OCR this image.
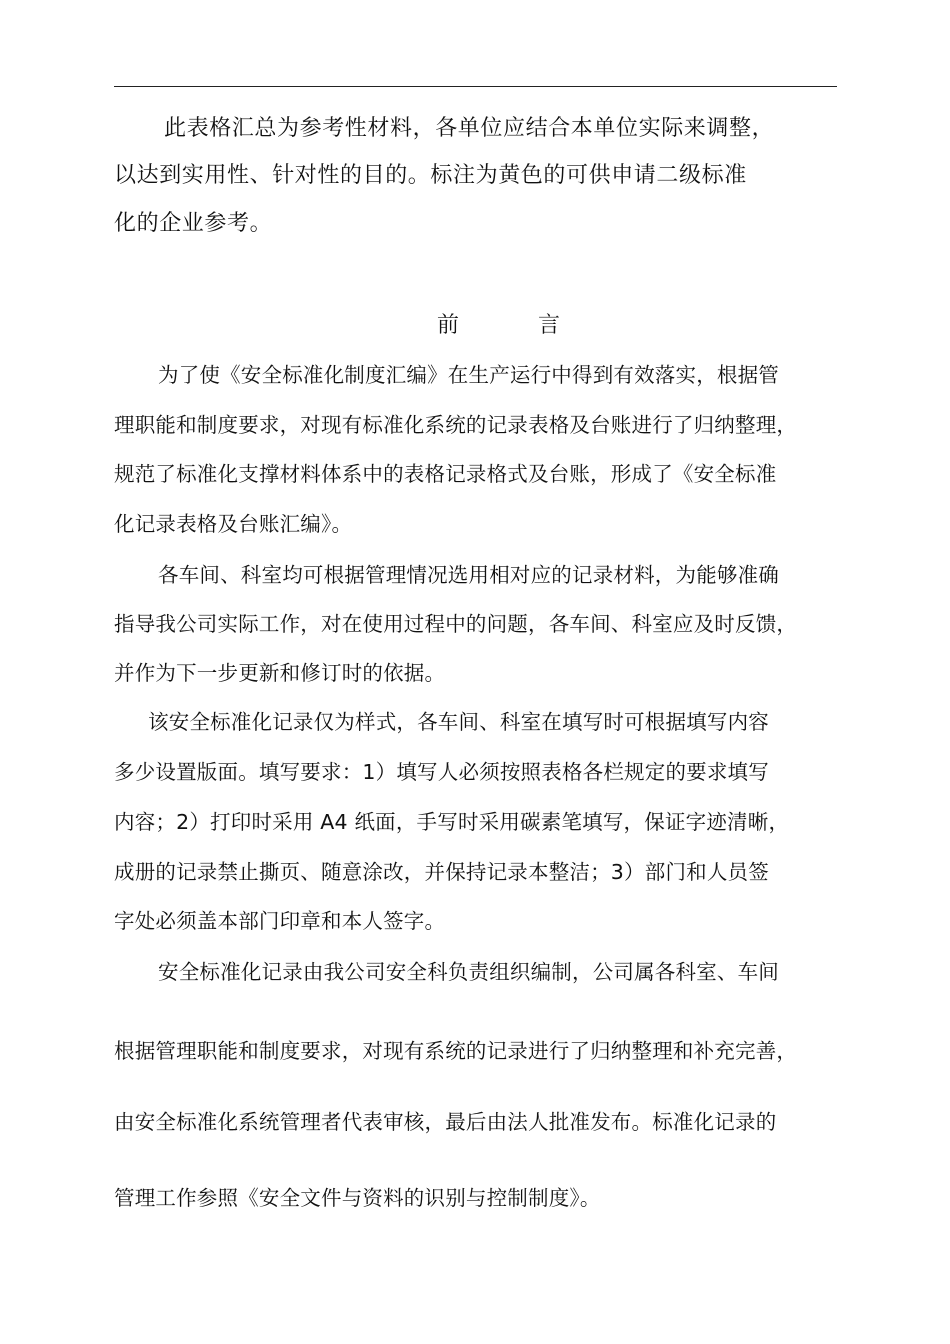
此表格汇总为参考性材料，各单位应结合本单位实际来调整，
以达到实用性、针对性的目的。标注为黄色的可供申请二级标准
化的企业参考。
前	言
为了使《安全标准化制度汇编》在生产运行中得到有效落实，根据管
理职能和制度要求，对现有标准化系统的记录表格及台账进行了归纳整理，
规范了标准化支撑材料体系中的表格记录格式及台账，形成了《安全标准
化记录表格及台账汇编》。
各车间、科室均可根据管理情况选用相对应的记录材料，为能够准确
指导我公司实际工作，对在使用过程中的问题，各车间、科室应及时反馈，
并作为下一步更新和修订时的依据。
该安全标准化记录仅为样式，各车间、科室在填写时可根据填写内容
多少设置版面。填写要求：1）填写人必须按照表格各栏规定的要求填写
内容；2）打印时采用 A4 纸面，手写时采用碳素笔填写，保证字迹清晰，
成册的记录禁止撕页、随意涂改，并保持记录本整洁；3）部门和人员签
字处必须盖本部门印章和本人签字。
安全标准化记录由我公司安全科负责组织编制，公司属各科室、车间
根据管理职能和制度要求，对现有系统的记录进行了归纳整理和补充完善，
由安全标准化系统管理者代表审核，最后由法人批准发布。标准化记录的
管理工作参照《安全文件与资料的识别与控制制度》。
